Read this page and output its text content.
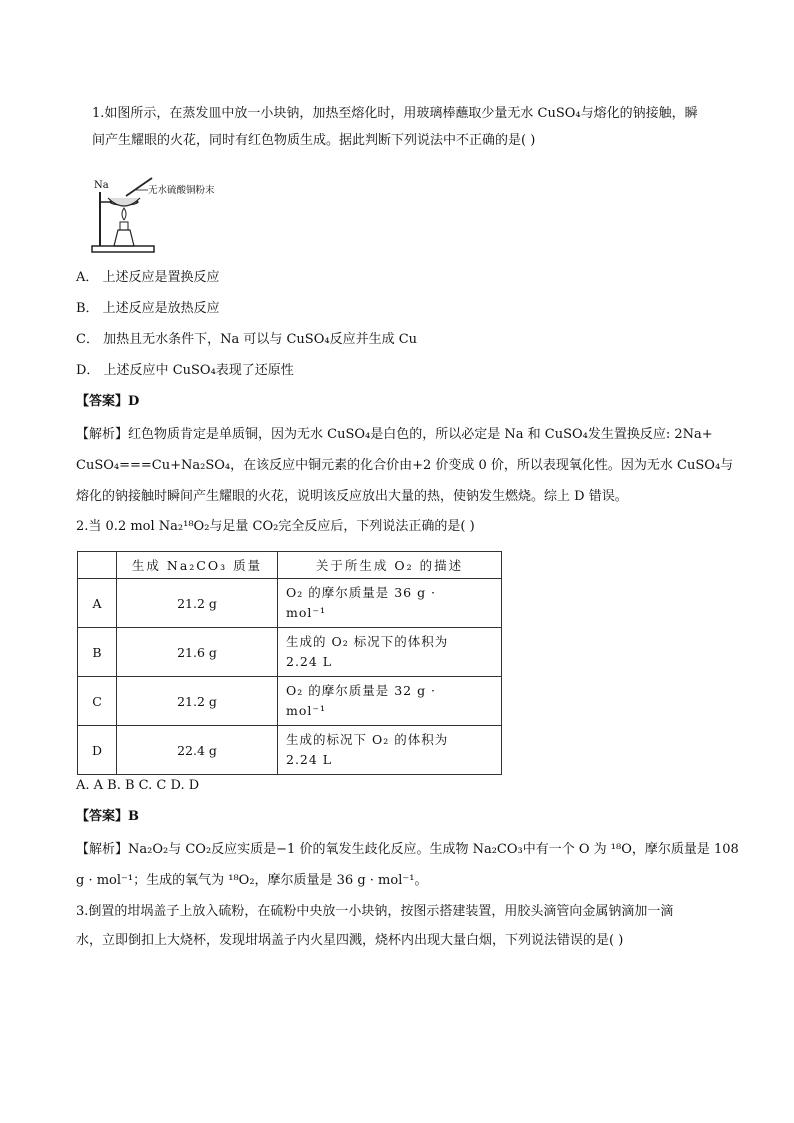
1.如图所示，在蒸发皿中放一小块钠，加热至熔化时，用玻璃棒蘸取少量无水 CuSO₄与熔化的钠接触，瞬
间产生耀眼的火花，同时有红色物质生成。据此判断下列说法中不正确的是( )
Na	无水硫酸铜粉末
A． 上述反应是置换反应
B． 上述反应是放热反应
C． 加热且无水条件下，Na 可以与 CuSO₄反应并生成 Cu
D． 上述反应中 CuSO₄表现了还原性
【答案】D
【解析】红色物质肯定是单质铜，因为无水 CuSO₄是白色的，所以必定是 Na 和 CuSO₄发生置换反应: 2Na+
CuSO₄===Cu+Na₂SO₄，在该反应中铜元素的化合价由+2 价变成 0 价，所以表现氧化性。因为无水 CuSO₄与
熔化的钠接触时瞬间产生耀眼的火花，说明该反应放出大量的热，使钠发生燃烧。综上 D 错误。
2.当 0.2 mol Na₂¹⁸O₂与足量 CO₂完全反应后，下列说法正确的是( )
	生成 Na₂CO₃ 质量	关于所生成 O₂ 的描述
A	21.2 g	O₂ 的摩尔质量是 36 g ·
mol⁻¹

B	21.6 g	生成的 O₂ 标况下的体积为
2.24 L

C	21.2 g	O₂ 的摩尔质量是 32 g ·
mol⁻¹

D	22.4 g	生成的标况下 O₂ 的体积为
2.24 L
A. A B. B C. C D. D
【答案】B
【解析】Na₂O₂与 CO₂反应实质是−1 价的氧发生歧化反应。生成物 Na₂CO₃中有一个 O 为 ¹⁸O，摩尔质量是 108
g · mol⁻¹；生成的氧气为 ¹⁸O₂，摩尔质量是 36 g · mol⁻¹。
3.倒置的坩埚盖子上放入硫粉，在硫粉中央放一小块钠，按图示搭建装置，用胶头滴管向金属钠滴加一滴
水，立即倒扣上大烧杯，发现坩埚盖子内火星四溅，烧杯内出现大量白烟，下列说法错误的是( )
